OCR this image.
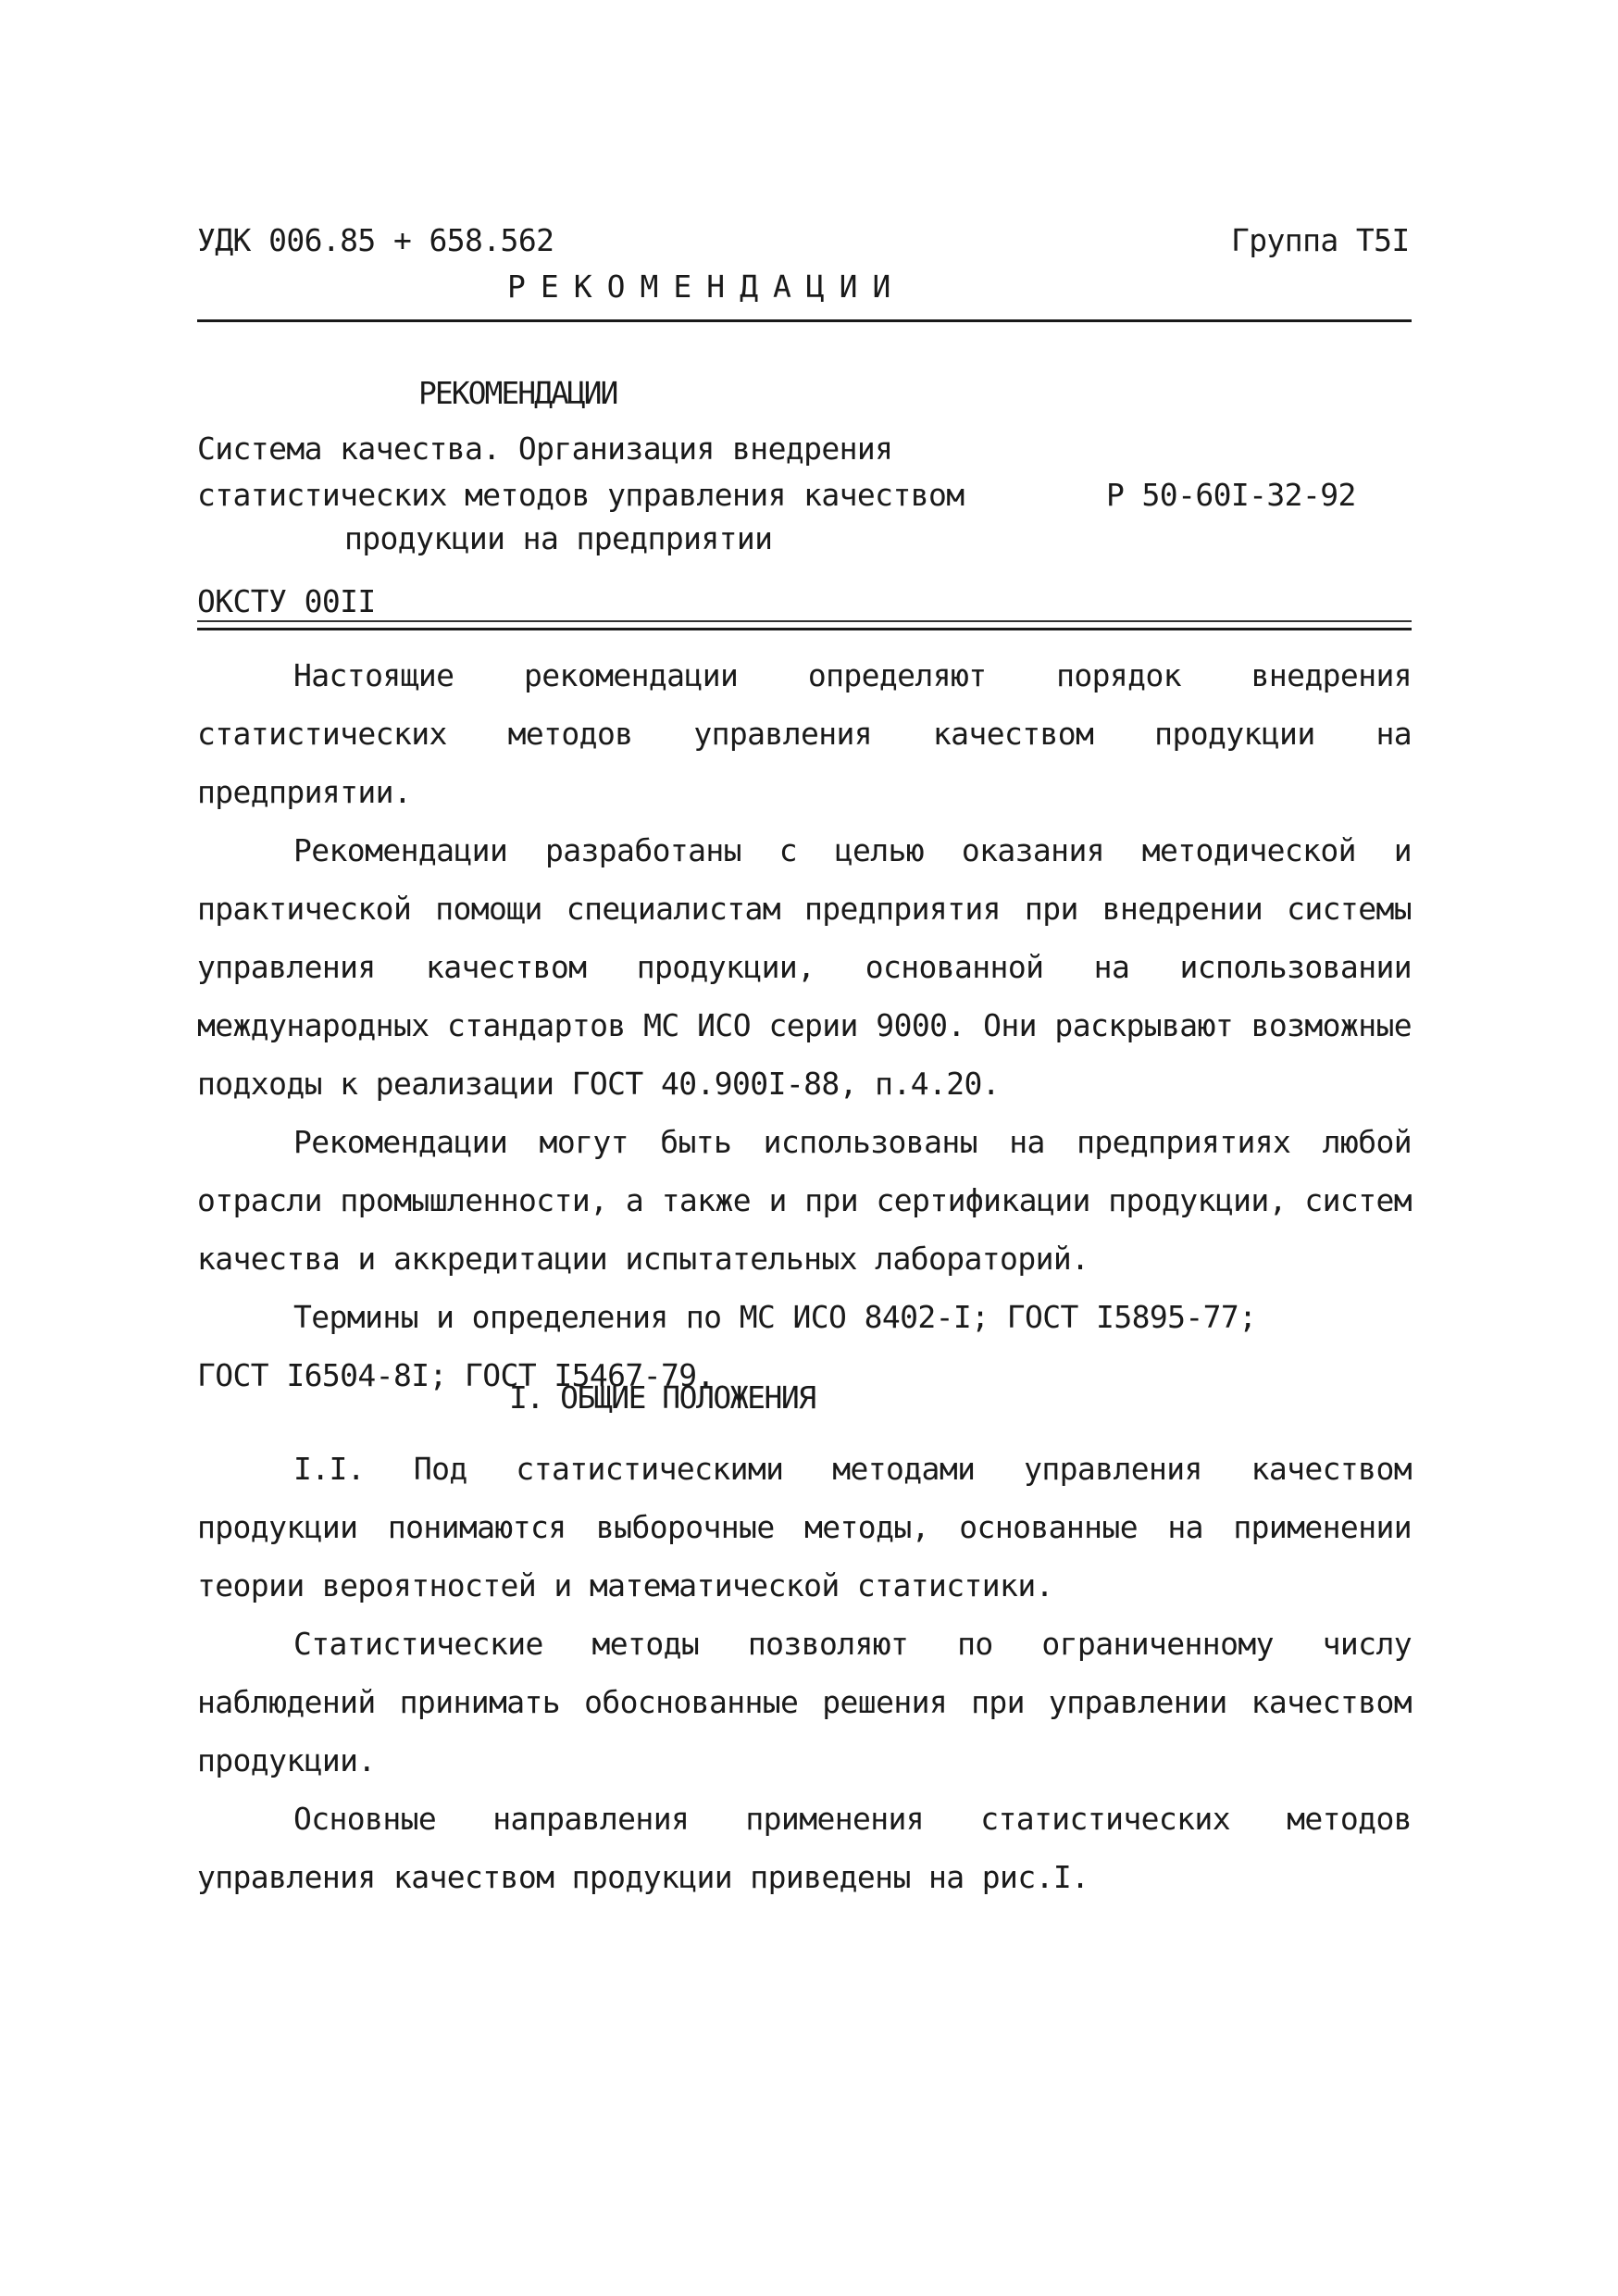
УДК 006.85 + 658.562	Группа Т5I
РЕКОМЕНДАЦИИ
РЕКОМЕНДАЦИИ
Система качества. Организация внедрения
статистических методов управления качеством
продукции на предприятии
Р 50-60I-32-92
ОКСТУ 00II

Настоящие рекомендации определяют порядок внедрения статистических методов управления качеством продукции на предприятии.

Рекомендации разработаны с целью оказания методической и практической помощи специалистам предприятия при внедрении системы управления качеством продукции, основанной на использовании международных стандартов МС ИСО серии 9000. Они раскрывают возможные подходы к реализации ГОСТ 40.900I-88, п.4.20.

Рекомендации могут быть использованы на предприятиях любой отрасли промышленности, а также и при сертификации продукции, систем качества и аккредитации испытательных лабораторий.

Термины и определения по МС ИСО 8402-I; ГОСТ I5895-77;

ГОСТ I6504-8I; ГОСТ I5467-79.

I. ОБЩИЕ ПОЛОЖЕНИЯ

I.I. Под статистическими методами управления качеством продукции понимаются выборочные методы, основанные на применении теории вероятностей и математической статистики.

Статистические методы позволяют по ограниченному числу наблюдений принимать обоснованные решения при управлении качеством продукции.

Основные направления применения статистических методов управления качеством продукции приведены на рис.I.
